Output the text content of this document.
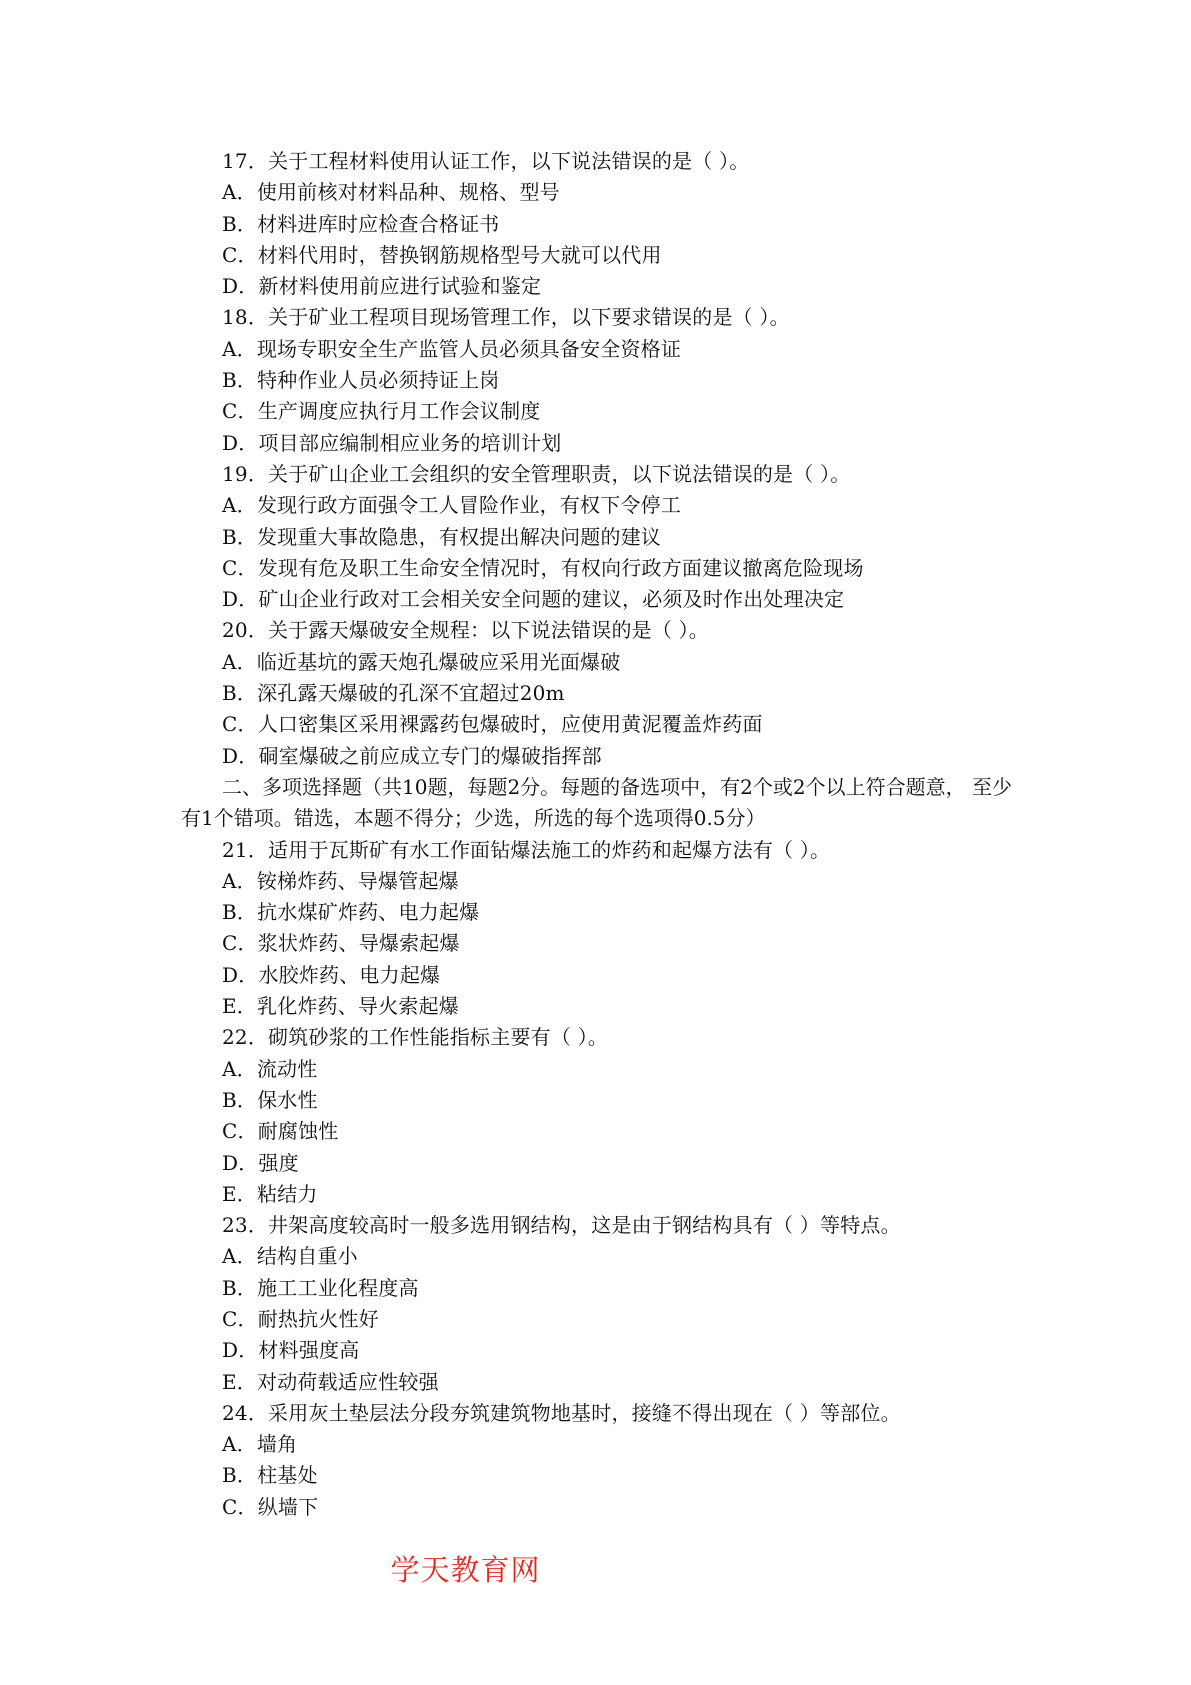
17．关于工程材料使用认证工作，以下说法错误的是（ ）。
A．使用前核对材料品种、规格、型号
B．材料进库时应检查合格证书
C．材料代用时，替换钢筋规格型号大就可以代用
D．新材料使用前应进行试验和鉴定
18．关于矿业工程项目现场管理工作，以下要求错误的是（ ）。
A．现场专职安全生产监管人员必须具备安全资格证
B．特种作业人员必须持证上岗
C．生产调度应执行月工作会议制度
D．项目部应编制相应业务的培训计划
19．关于矿山企业工会组织的安全管理职责，以下说法错误的是（ ）。
A．发现行政方面强令工人冒险作业，有权下令停工
B．发现重大事故隐患，有权提出解决问题的建议
C．发现有危及职工生命安全情况时，有权向行政方面建议撤离危险现场
D．矿山企业行政对工会相关安全问题的建议，必须及时作出处理决定
20．关于露天爆破安全规程：以下说法错误的是（ ）。
A．临近基坑的露天炮孔爆破应采用光面爆破
B．深孔露天爆破的孔深不宜超过20m
C．人口密集区采用裸露药包爆破时，应使用黄泥覆盖炸药面
D．硐室爆破之前应成立专门的爆破指挥部
二、多项选择题（共10题，每题2分。每题的备选项中，有2个或2个以上符合题意， 至少有1个错项。错选，本题不得分；少选，所选的每个选项得0.5分）
21．适用于瓦斯矿有水工作面钻爆法施工的炸药和起爆方法有（ ）。
A．铵梯炸药、导爆管起爆
B．抗水煤矿炸药、电力起爆
C．浆状炸药、导爆索起爆
D．水胶炸药、电力起爆
E．乳化炸药、导火索起爆
22．砌筑砂浆的工作性能指标主要有（ ）。
A．流动性
B．保水性
C．耐腐蚀性
D．强度
E．粘结力
23．井架高度较高时一般多选用钢结构，这是由于钢结构具有（ ）等特点。
A．结构自重小
B．施工工业化程度高
C．耐热抗火性好
D．材料强度高
E．对动荷载适应性较强
24．采用灰土垫层法分段夯筑建筑物地基时，接缝不得出现在（ ）等部位。
A．墙角
B．柱基处
C．纵墙下
学天教育网
